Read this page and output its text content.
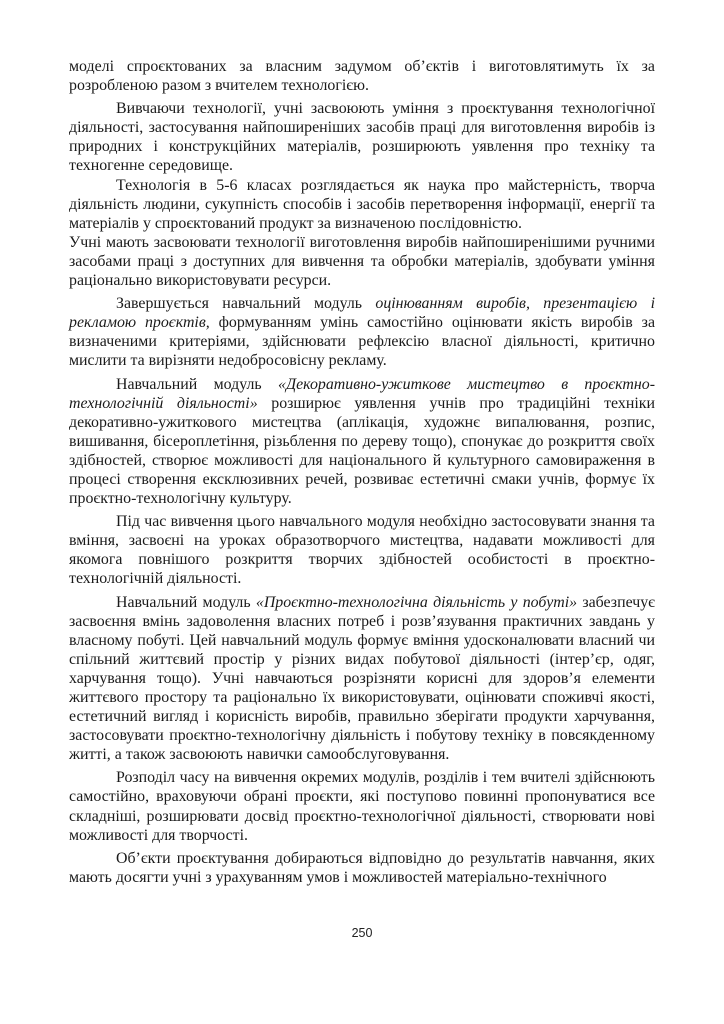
моделі спроєктованих за власним задумом об’єктів і виготовлятимуть їх за розробленою разом з вчителем технологією.

Вивчаючи технології, учні засвоюють уміння з проєктування технологічної діяльності, застосування найпоширеніших засобів праці для виготовлення виробів із природних і конструкційних матеріалів, розширюють уявлення про техніку та техногенне середовище.

Технологія в 5-6 класах розглядається як наука про майстерність, творча діяльність людини, сукупність способів і засобів перетворення інформації, енергії та матеріалів у спроєктований продукт за визначеною послідовністю.

Учні мають засвоювати технології виготовлення виробів найпоширенішими ручними засобами праці з доступних для вивчення та обробки матеріалів, здобувати уміння раціонально використовувати ресурси.

Завершується навчальний модуль оцінюванням виробів, презентацією і рекламою проєктів, формуванням умінь самостійно оцінювати якість виробів за визначеними критеріями, здійснювати рефлексію власної діяльності, критично мислити та вирізняти недобросовісну рекламу.

Навчальний модуль «Декоративно-ужиткове мистецтво в проєктно-технологічній діяльності» розширює уявлення учнів про традиційні техніки декоративно-ужиткового мистецтва (аплікація, художнє випалювання, розпис, вишивання, бісероплетіння, різьблення по дереву тощо), спонукає до розкриття своїх здібностей, створює можливості для національного й культурного самовираження в процесі створення ексклюзивних речей, розвиває естетичні смаки учнів, формує їх проєктно-технологічну культуру.

Під час вивчення цього навчального модуля необхідно застосовувати знання та вміння, засвоєні на уроках образотворчого мистецтва, надавати можливості для якомога повнішого розкриття творчих здібностей особистості в проєктно-технологічній діяльності.

Навчальний модуль «Проєктно-технологічна діяльність у побуті» забезпечує засвоєння вмінь задоволення власних потреб і розв’язування практичних завдань у власному побуті. Цей навчальний модуль формує вміння удосконалювати власний чи спільний життєвий простір у різних видах побутової діяльності (інтер’єр, одяг, харчування тощо). Учні навчаються розрізняти корисні для здоров’я елементи життєвого простору та раціонально їх використовувати, оцінювати споживчі якості, естетичний вигляд і корисність виробів, правильно зберігати продукти харчування, застосовувати проєктно-технологічну діяльність і побутову техніку в повсякденному житті, а також засвоюють навички самообслуговування.

Розподіл часу на вивчення окремих модулів, розділів і тем вчителі здійснюють самостійно, враховуючи обрані проєкти, які поступово повинні пропонуватися все складніші, розширювати досвід проєктно-технологічної діяльності, створювати нові можливості для творчості.

Об’єкти проєктування добираються відповідно до результатів навчання, яких мають досягти учні з урахуванням умов і можливостей матеріально-технічного

250
